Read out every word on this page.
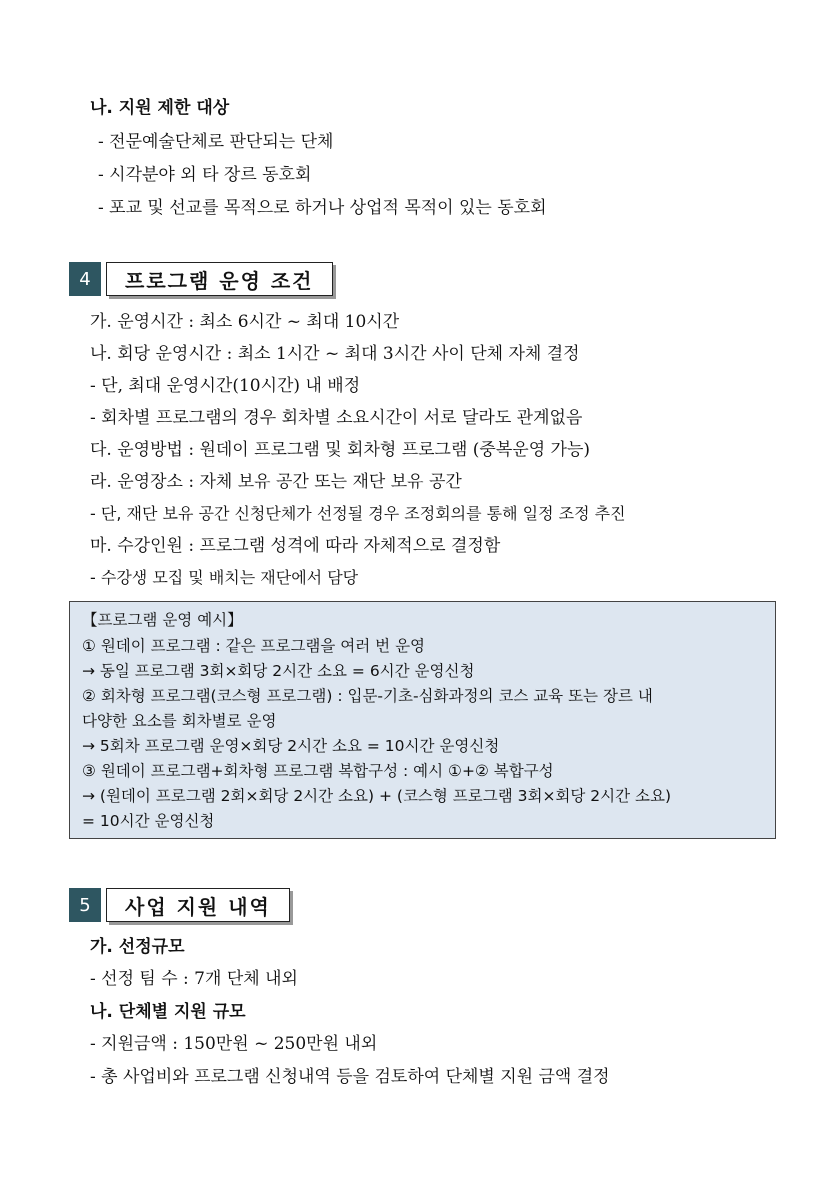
나. 지원 제한 대상
- 전문예술단체로 판단되는 단체
- 시각분야 외 타 장르 동호회
- 포교 및 선교를 목적으로 하거나 상업적 목적이 있는 동호회
4	프로그램 운영 조건
가. 운영시간 : 최소 6시간 ~ 최대 10시간
나. 회당 운영시간 : 최소 1시간 ~ 최대 3시간 사이 단체 자체 결정
- 단, 최대 운영시간(10시간) 내 배정
- 회차별 프로그램의 경우 회차별 소요시간이 서로 달라도 관계없음
다. 운영방법 : 원데이 프로그램 및 회차형 프로그램 (중복운영 가능)
라. 운영장소 : 자체 보유 공간 또는 재단 보유 공간
- 단, 재단 보유 공간 신청단체가 선정될 경우 조정회의를 통해 일정 조정 추진
마. 수강인원 : 프로그램 성격에 따라 자체적으로 결정함
- 수강생 모집 및 배치는 재단에서 담당
【프로그램 운영 예시】
① 원데이 프로그램 : 같은 프로그램을 여러 번 운영
→ 동일 프로그램 3회×회당 2시간 소요 = 6시간 운영신청
② 회차형 프로그램(코스형 프로그램) : 입문-기초-심화과정의 코스 교육 또는 장르 내
다양한 요소를 회차별로 운영
→ 5회차 프로그램 운영×회당 2시간 소요 = 10시간 운영신청
③ 원데이 프로그램+회차형 프로그램 복합구성 : 예시 ①+② 복합구성
→ (원데이 프로그램 2회×회당 2시간 소요) + (코스형 프로그램 3회×회당 2시간 소요)
= 10시간 운영신청
5	사업 지원 내역
가. 선정규모
- 선정 팀 수 : 7개 단체 내외
나. 단체별 지원 규모
- 지원금액 : 150만원 ~ 250만원 내외
- 총 사업비와 프로그램 신청내역 등을 검토하여 단체별 지원 금액 결정
